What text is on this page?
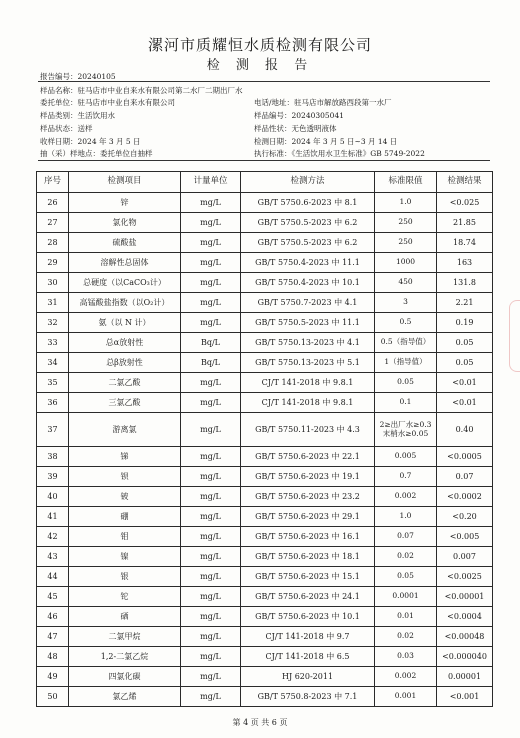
漯河市质耀恒水质检测有限公司
检 测 报 告
报告编号：20240105
样品名称：驻马店市中业自来水有限公司第二水厂二期出厂水
委托单位：驻马店市中业自来水有限公司	电话/地址：驻马店市解放路西段第一水厂
样品类别：生活饮用水	样品编号：20240305041
样品状态：送样	样品性状：无色透明液体
收样日期：2024 年 3 月 5 日	检测日期：2024 年 3 月 5 日~3 月 14 日
抽（采）样地点：委托单位自抽样	执行标准：《生活饮用水卫生标准》GB 5749-2022
序号	检测项目	计量单位	检测方法	标准限值	检测结果
26	锌	mg/L	GB/T 5750.6-2023 中 8.1	1.0	<0.025
27	氯化物	mg/L	GB/T 5750.5-2023 中 6.2	250	21.85
28	硫酸盐	mg/L	GB/T 5750.5-2023 中 6.2	250	18.74
29	溶解性总固体	mg/L	GB/T 5750.4-2023 中 11.1	1000	163
30	总硬度（以CaCO₃计）	mg/L	GB/T 5750.4-2023 中 10.1	450	131.8
31	高锰酸盐指数（以O₂计）	mg/L	GB/T 5750.7-2023 中 4.1	3	2.21
32	氨（以 N 计）	mg/L	GB/T 5750.5-2023 中 11.1	0.5	0.19
33	总α放射性	Bq/L	GB/T 5750.13-2023 中 4.1	0.5（指导值）	0.05
34	总β放射性	Bq/L	GB/T 5750.13-2023 中 5.1	1（指导值）	0.05
35	二氯乙酸	mg/L	CJ/T 141-2018 中 9.8.1	0.05	<0.01
36	三氯乙酸	mg/L	CJ/T 141-2018 中 9.8.1	0.1	<0.01
37	游离氯	mg/L	GB/T 5750.11-2023 中 4.3	2≥出厂水≥0.3
末梢水≥0.05	0.40
38	锑	mg/L	GB/T 5750.6-2023 中 22.1	0.005	<0.0005
39	钡	mg/L	GB/T 5750.6-2023 中 19.1	0.7	0.07
40	铍	mg/L	GB/T 5750.6-2023 中 23.2	0.002	<0.0002
41	硼	mg/L	GB/T 5750.6-2023 中 29.1	1.0	<0.20
42	钼	mg/L	GB/T 5750.6-2023 中 16.1	0.07	<0.005
43	镍	mg/L	GB/T 5750.6-2023 中 18.1	0.02	0.007
44	银	mg/L	GB/T 5750.6-2023 中 15.1	0.05	<0.0025
45	铊	mg/L	GB/T 5750.6-2023 中 24.1	0.0001	<0.00001
46	硒	mg/L	GB/T 5750.6-2023 中 10.1	0.01	<0.0004
47	二氯甲烷	mg/L	CJ/T 141-2018 中 9.7	0.02	<0.00048
48	1,2-二氯乙烷	mg/L	CJ/T 141-2018 中 6.5	0.03	<0.000040
49	四氯化碳	mg/L	HJ 620-2011	0.002	0.00001
50	氯乙烯	mg/L	GB/T 5750.8-2023 中 7.1	0.001	<0.001
第 4 页 共 6 页
